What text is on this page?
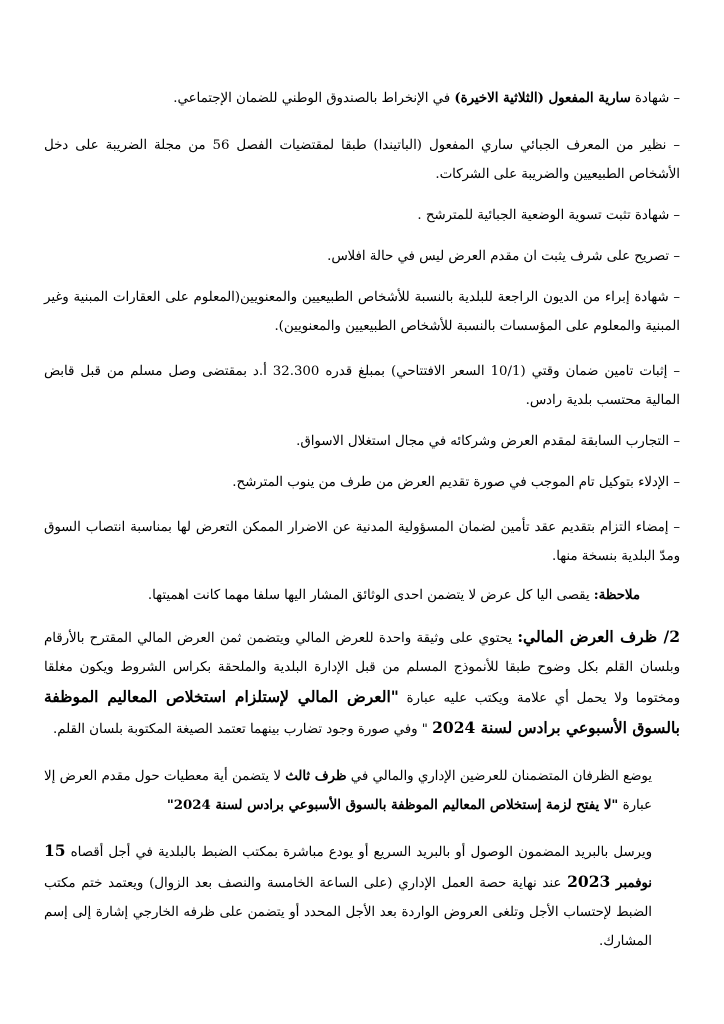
– شهادة سارية المفعول (الثلاثية الاخيرة) في الإنخراط بالصندوق الوطني للضمان الإجتماعي.

– نظير من المعرف الجبائي ساري المفعول (الباتيندا) طبقا لمقتضيات الفصل 56 من مجلة الضريبة على دخل الأشخاص الطبيعيين والضريبة على الشركات.

– شهادة تثبت تسوية الوضعية الجبائية للمترشح .

– تصريح على شرف يثبت ان مقدم العرض ليس في حالة افلاس.

– شهادة إبراء من الديون الراجعة للبلدية بالنسبة للأشخاص الطبيعيين والمعنويين(المعلوم على العقارات المبنية وغير المبنية والمعلوم على المؤسسات بالنسبة للأشخاص الطبيعيين والمعنويين).

– إثبات تامين ضمان وقتي (10/1 السعر الافتتاحي) بمبلغ قدره 32.300 أ.د بمقتضى وصل مسلم من قبل قابض المالية محتسب بلدية رادس.

– التجارب السابقة لمقدم العرض وشركائه في مجال استغلال الاسواق.

– الإدلاء بتوكيل تام الموجب في صورة تقديم العرض من طرف من ينوب المترشح.

– إمضاء التزام بتقديم عقد تأمين لضمان المسؤولية المدنية عن الاضرار الممكن التعرض لها بمناسبة انتصاب السوق ومدّ البلدية بنسخة منها.

ملاحظة: يقصى اليا كل عرض لا يتضمن احدى الوثائق المشار اليها سلفا مهما كانت اهميتها.

2/ ظرف العرض المالي: يحتوي على وثيقة واحدة للعرض المالي ويتضمن ثمن العرض المالي المقترح بالأرقام وبلسان القلم بكل وضوح طبقا للأنموذج المسلم من قبل الإدارة البلدية والملحقة بكراس الشروط ويكون مغلقا ومختوما ولا يحمل أي علامة ويكتب عليه عبارة "العرض المالي لإستلزام استخلاص المعاليم الموظفة بالسوق الأسبوعي برادس لسنة 2024 " وفي صورة وجود تضارب بينهما تعتمد الصيغة المكتوبة بلسان القلم.

يوضع الظرفان المتضمنان للعرضين الإداري والمالي في ظرف ثالث لا يتضمن أية معطيات حول مقدم العرض إلا عبارة "لا يفتح لزمة إستخلاص المعاليم الموظفة بالسوق الأسبوعي برادس لسنة 2024"

ويرسل بالبريد المضمون الوصول أو بالبريد السريع أو يودع مباشرة بمكتب الضبط بالبلدية في أجل أقصاه 15 نوفمبر 2023 عند نهاية حصة العمل الإداري (على الساعة الخامسة والنصف بعد الزوال) ويعتمد ختم مكتب الضبط لإحتساب الأجل وتلغى العروض الواردة بعد الأجل المحدد أو يتضمن على ظرفه الخارجي إشارة إلى إسم المشارك.
